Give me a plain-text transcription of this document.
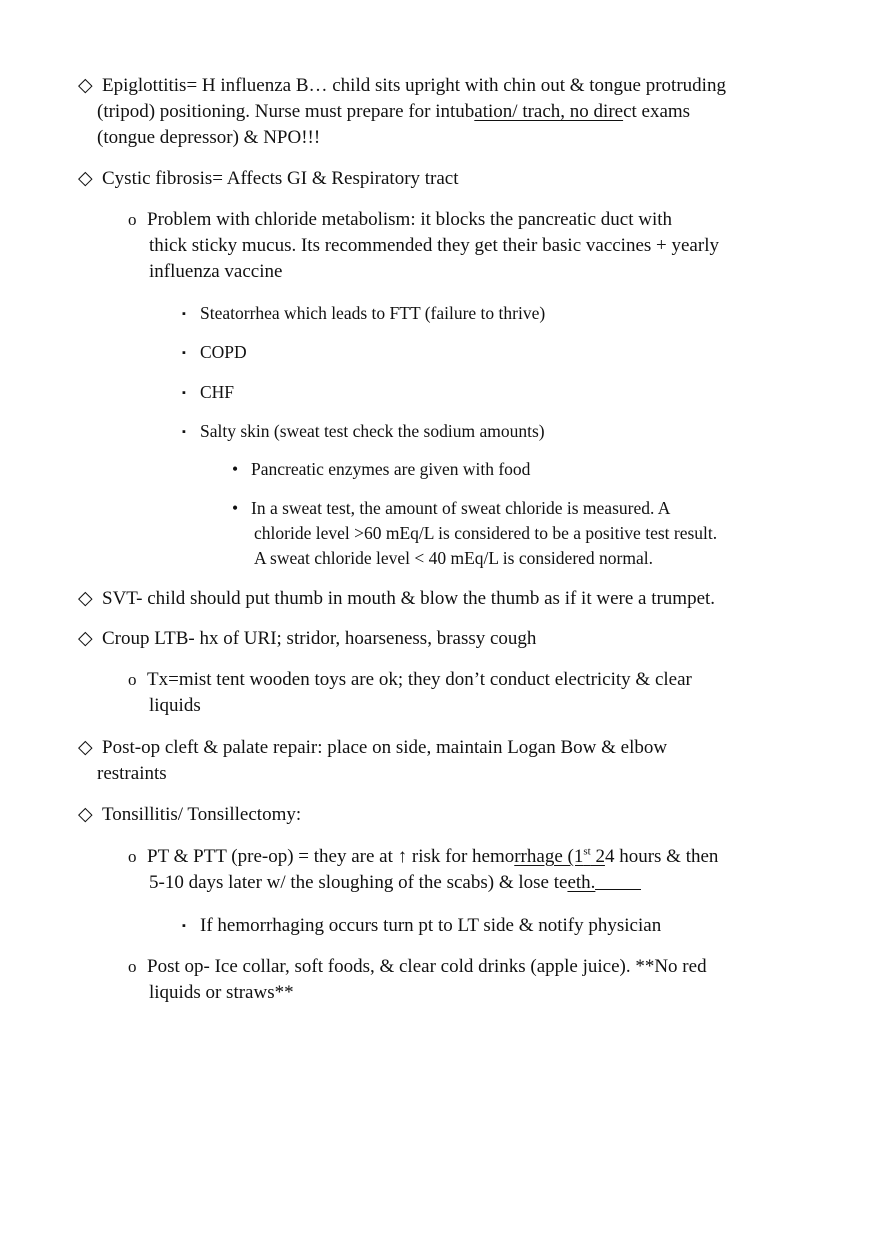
◇ Epiglottitis= H influenza B… child sits upright with chin out & tongue protruding
(tripod) positioning. Nurse must prepare for intubation/ trach, no direct exams
(tongue depressor) & NPO!!!
◇ Cystic fibrosis= Affects GI & Respiratory tract
o Problem with chloride metabolism: it blocks the pancreatic duct with
thick sticky mucus. Its recommended they get their basic vaccines + yearly
influenza vaccine
▪ Steatorrhea which leads to FTT (failure to thrive)
▪ COPD
▪ CHF
▪ Salty skin (sweat test check the sodium amounts)
• Pancreatic enzymes are given with food
• In a sweat test, the amount of sweat chloride is measured. A
chloride level >60 mEq/L is considered to be a positive test result.
A sweat chloride level < 40 mEq/L is considered normal.
◇ SVT- child should put thumb in mouth & blow the thumb as if it were a trumpet.
◇ Croup LTB- hx of URI; stridor, hoarseness, brassy cough
o Tx=mist tent wooden toys are ok; they don’t conduct electricity & clear
liquids
◇ Post-op cleft & palate repair: place on side, maintain Logan Bow & elbow
restraints
◇ Tonsillitis/ Tonsillectomy:
o PT & PTT (pre-op) = they are at ↑ risk for hemorrhage (1st 24 hours & then
5-10 days later w/ the sloughing of the scabs) & lose teeth.
▪ If hemorrhaging occurs turn pt to LT side & notify physician
o Post op- Ice collar, soft foods, & clear cold drinks (apple juice). **No red
liquids or straws**
